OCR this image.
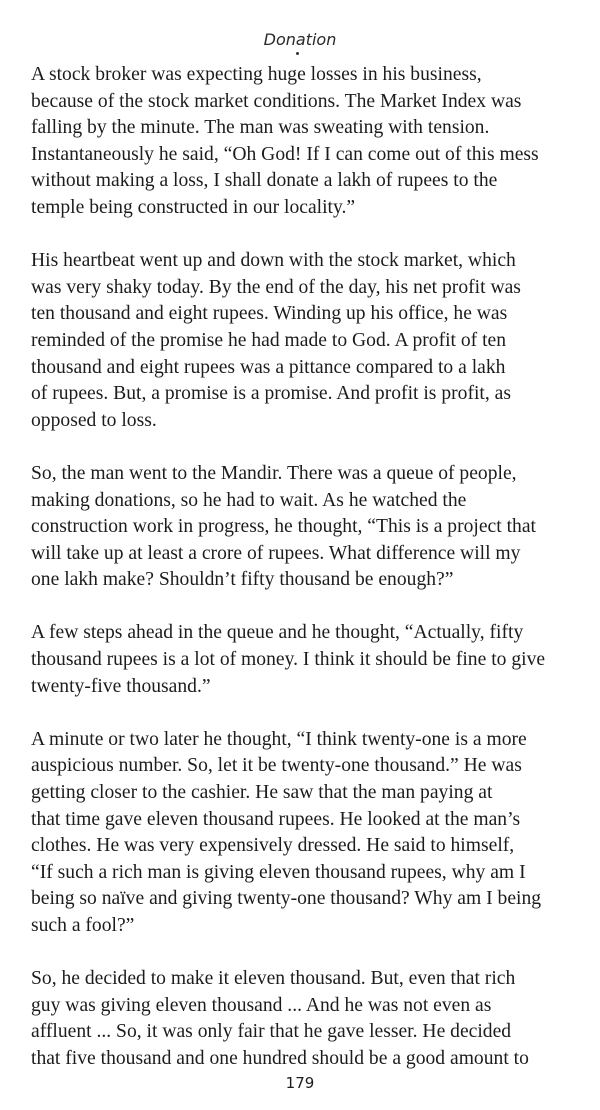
Donation

A stock broker was expecting huge losses in his business,
because of the stock market conditions. The Market Index was
falling by the minute. The man was sweating with tension.
Instantaneously he said, “Oh God! If I can come out of this mess
without making a loss, I shall donate a lakh of rupees to the
temple being constructed in our locality.”

His heartbeat went up and down with the stock market, which
was very shaky today. By the end of the day, his net profit was
ten thousand and eight rupees. Winding up his office, he was
reminded of the promise he had made to God. A profit of ten
thousand and eight rupees was a pittance compared to a lakh
of rupees. But, a promise is a promise. And profit is profit, as
opposed to loss.

So, the man went to the Mandir. There was a queue of people,
making donations, so he had to wait. As he watched the
construction work in progress, he thought, “This is a project that
will take up at least a crore of rupees. What difference will my
one lakh make? Shouldn’t fifty thousand be enough?”

A few steps ahead in the queue and he thought, “Actually, fifty
thousand rupees is a lot of money. I think it should be fine to give
twenty-five thousand.”

A minute or two later he thought, “I think twenty-one is a more
auspicious number. So, let it be twenty-one thousand.” He was
getting closer to the cashier. He saw that the man paying at
that time gave eleven thousand rupees. He looked at the man’s
clothes. He was very expensively dressed. He said to himself,
“If such a rich man is giving eleven thousand rupees, why am I
being so naïve and giving twenty-one thousand? Why am I being
such a fool?”

So, he decided to make it eleven thousand. But, even that rich
guy was giving eleven thousand ... And he was not even as
affluent ... So, it was only fair that he gave lesser. He decided
that five thousand and one hundred should be a good amount to

179
